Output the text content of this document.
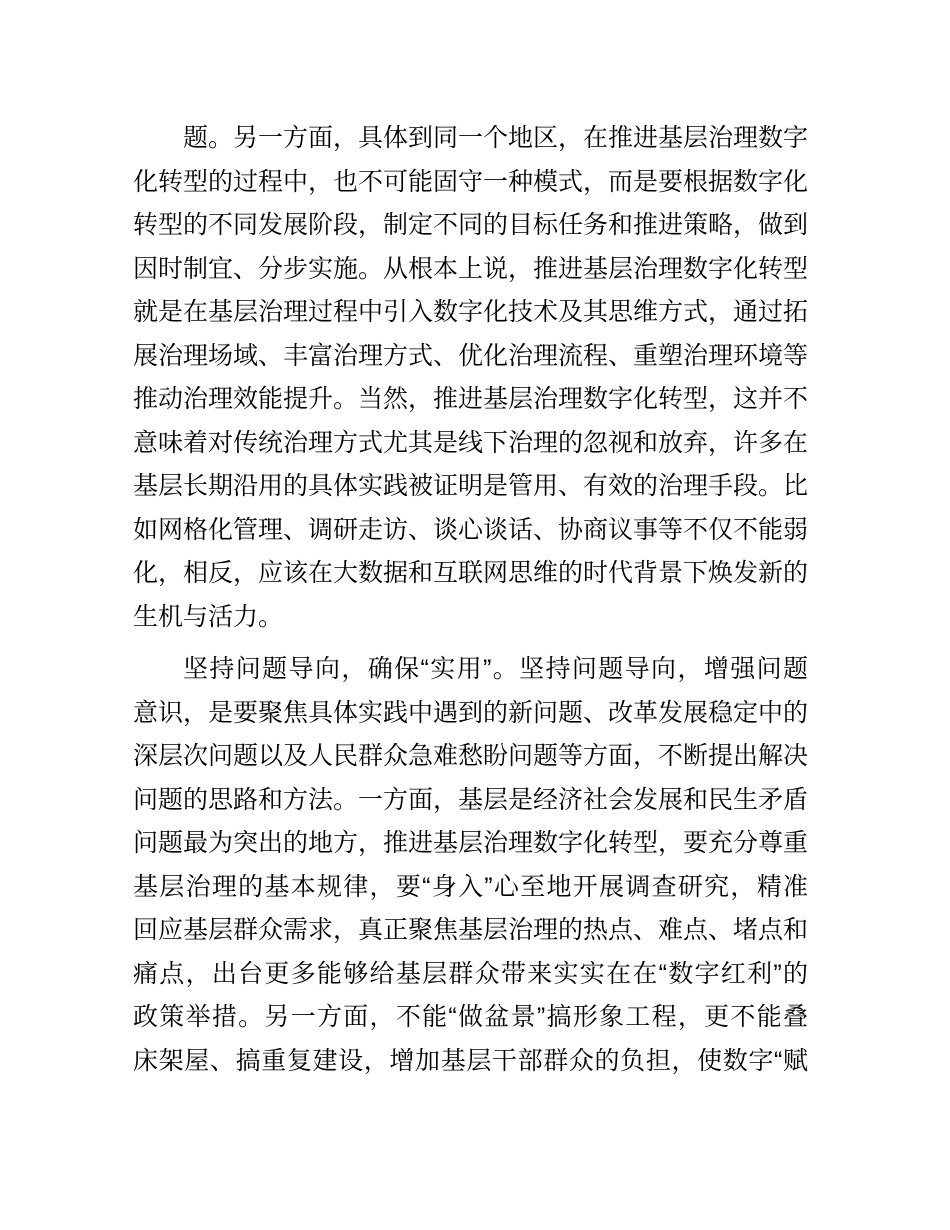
题。另一方面，具体到同一个地区，在推进基层治理数字
化转型的过程中，也不可能固守一种模式，而是要根据数字化
转型的不同发展阶段，制定不同的目标任务和推进策略，做到
因时制宜、分步实施。从根本上说，推进基层治理数字化转型
就是在基层治理过程中引入数字化技术及其思维方式，通过拓
展治理场域、丰富治理方式、优化治理流程、重塑治理环境等
推动治理效能提升。当然，推进基层治理数字化转型，这并不
意味着对传统治理方式尤其是线下治理的忽视和放弃，许多在
基层长期沿用的具体实践被证明是管用、有效的治理手段。比
如网格化管理、调研走访、谈心谈话、协商议事等不仅不能弱
化，相反，应该在大数据和互联网思维的时代背景下焕发新的
生机与活力。
坚持问题导向，确保“实用”。坚持问题导向，增强问题
意识，是要聚焦具体实践中遇到的新问题、改革发展稳定中的
深层次问题以及人民群众急难愁盼问题等方面，不断提出解决
问题的思路和方法。一方面，基层是经济社会发展和民生矛盾
问题最为突出的地方，推进基层治理数字化转型，要充分尊重
基层治理的基本规律，要“身入”心至地开展调查研究，精准
回应基层群众需求，真正聚焦基层治理的热点、难点、堵点和
痛点，出台更多能够给基层群众带来实实在在“数字红利”的
政策举措。另一方面，不能“做盆景”搞形象工程，更不能叠
床架屋、搞重复建设，增加基层干部群众的负担，使数字“赋
